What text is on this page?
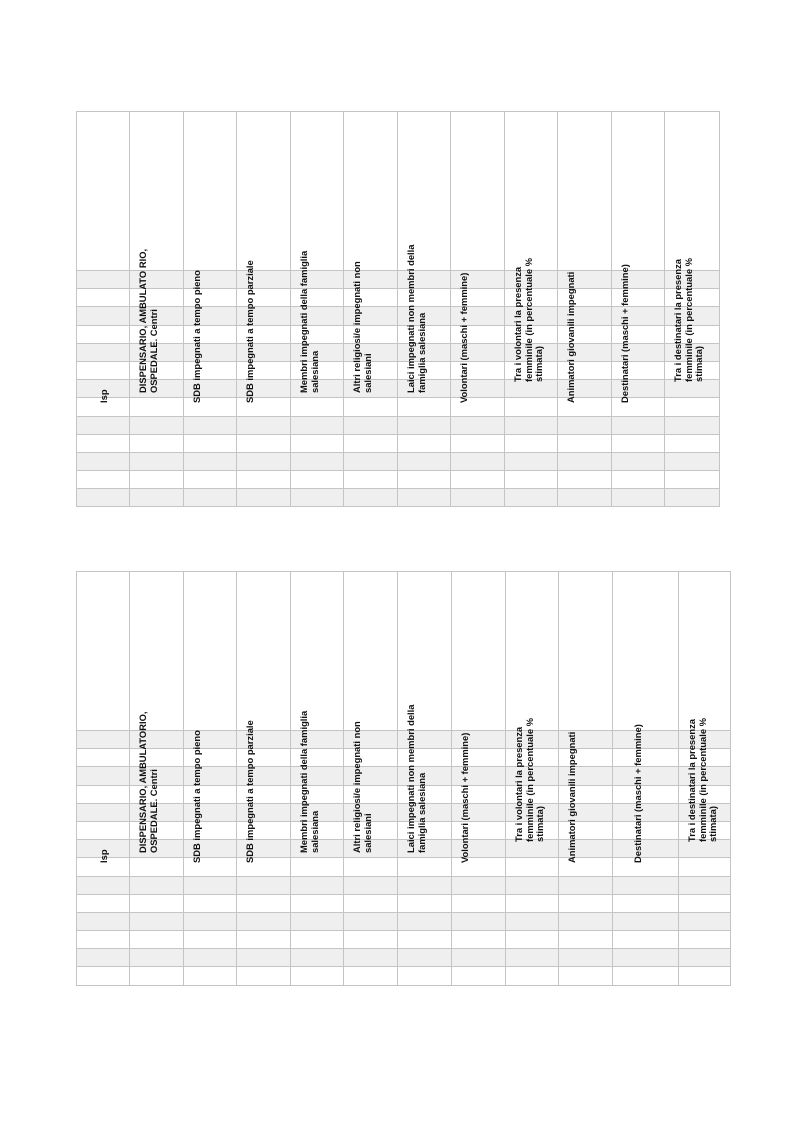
Isp	DISPENSARIO, AMBULATO RIO, OSPEDALE. Centri	SDB impegnati a tempo pieno	SDB impegnati a tempo parziale	Membri impegnati della famiglia salesiana	Altri religiosi/e impegnati non salesiani	Laici impegnati non membri della famiglia salesiana	Volontari (maschi + femmine)	Tra i volontari la presenza femminile (in percentuale % stimata)	Animatori giovanili impegnati	Destinatari (maschi + femmine)	Tra i destinatari la presenza femminile (in percentuale % stimata)

Isp	DISPENSARIO, AMBULATORIO, OSPEDALE. Centri	SDB impegnati a tempo pieno	SDB impegnati a tempo parziale	Membri impegnati della famiglia salesiana	Altri religiosi/e impegnati non salesiani	Laici impegnati non membri della famiglia salesiana	Volontari (maschi + femmine)	Tra i volontari la presenza femminile (in percentuale % stimata)	Animatori giovanili impegnati	Destinatari (maschi + femmine)	Tra i destinatari la presenza femminile (in percentuale % stimata)
